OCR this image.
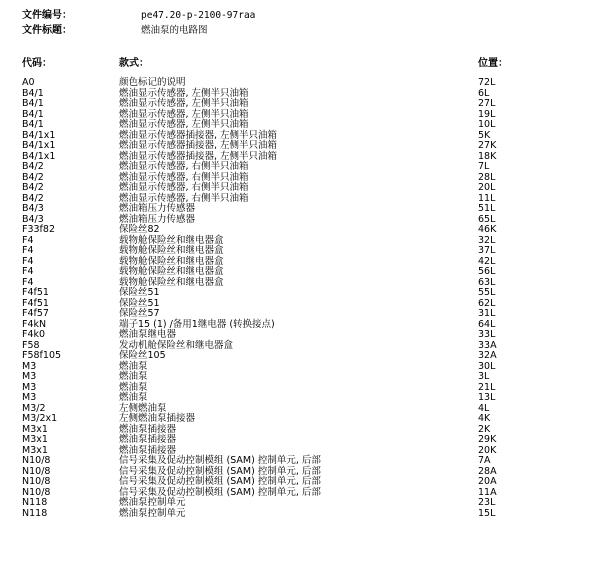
文件编号：	pe47.20-p-2100-97raa
文件标题：	燃油泵的电路图
代码：	款式：	位置：
A0	颜色标记的说明	72L
B4/1	燃油显示传感器, 左侧半只油箱	6L
B4/1	燃油显示传感器, 左侧半只油箱	27L
B4/1	燃油显示传感器, 左侧半只油箱	19L
B4/1	燃油显示传感器, 左侧半只油箱	10L
B4/1x1	燃油显示传感器插接器, 左侧半只油箱	5K
B4/1x1	燃油显示传感器插接器, 左侧半只油箱	27K
B4/1x1	燃油显示传感器插接器, 左侧半只油箱	18K
B4/2	燃油显示传感器, 右侧半只油箱	7L
B4/2	燃油显示传感器, 右侧半只油箱	28L
B4/2	燃油显示传感器, 右侧半只油箱	20L
B4/2	燃油显示传感器, 右侧半只油箱	11L
B4/3	燃油箱压力传感器	51L
B4/3	燃油箱压力传感器	65L
F33f82	保险丝82	46K
F4	载物舱保险丝和继电器盒	32L
F4	载物舱保险丝和继电器盒	37L
F4	载物舱保险丝和继电器盒	42L
F4	载物舱保险丝和继电器盒	56L
F4	载物舱保险丝和继电器盒	63L
F4f51	保险丝51	55L
F4f51	保险丝51	62L
F4f57	保险丝57	31L
F4kN	端子15 (1) /备用1继电器 (转换接点)	64L
F4k0	燃油泵继电器	33L
F58	发动机舱保险丝和继电器盒	33A
F58f105	保险丝105	32A
M3	燃油泵	30L
M3	燃油泵	3L
M3	燃油泵	21L
M3	燃油泵	13L
M3/2	左侧燃油泵	4L
M3/2x1	左侧燃油泵插接器	4K
M3x1	燃油泵插接器	2K
M3x1	燃油泵插接器	29K
M3x1	燃油泵插接器	20K
N10/8	信号采集及促动控制模组 (SAM) 控制单元, 后部	7A
N10/8	信号采集及促动控制模组 (SAM) 控制单元, 后部	28A
N10/8	信号采集及促动控制模组 (SAM) 控制单元, 后部	20A
N10/8	信号采集及促动控制模组 (SAM) 控制单元, 后部	11A
N118	燃油泵控制单元	23L
N118	燃油泵控制单元	15L
